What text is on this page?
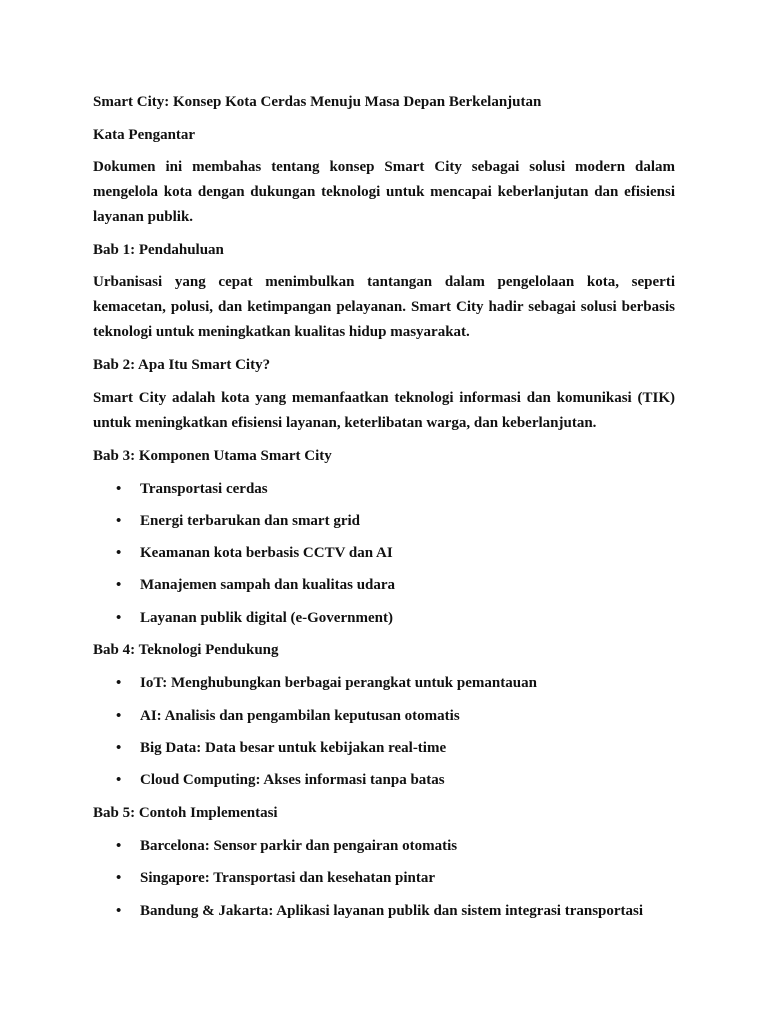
Smart City: Konsep Kota Cerdas Menuju Masa Depan Berkelanjutan
Kata Pengantar
Dokumen ini membahas tentang konsep Smart City sebagai solusi modern dalam mengelola kota dengan dukungan teknologi untuk mencapai keberlanjutan dan efisiensi layanan publik.
Bab 1: Pendahuluan
Urbanisasi yang cepat menimbulkan tantangan dalam pengelolaan kota, seperti kemacetan, polusi, dan ketimpangan pelayanan. Smart City hadir sebagai solusi berbasis teknologi untuk meningkatkan kualitas hidup masyarakat.
Bab 2: Apa Itu Smart City?
Smart City adalah kota yang memanfaatkan teknologi informasi dan komunikasi (TIK) untuk meningkatkan efisiensi layanan, keterlibatan warga, dan keberlanjutan.
Bab 3: Komponen Utama Smart City
• Transportasi cerdas
• Energi terbarukan dan smart grid
• Keamanan kota berbasis CCTV dan AI
• Manajemen sampah dan kualitas udara
• Layanan publik digital (e-Government)
Bab 4: Teknologi Pendukung
• IoT: Menghubungkan berbagai perangkat untuk pemantauan
• AI: Analisis dan pengambilan keputusan otomatis
• Big Data: Data besar untuk kebijakan real-time
• Cloud Computing: Akses informasi tanpa batas
Bab 5: Contoh Implementasi
• Barcelona: Sensor parkir dan pengairan otomatis
• Singapore: Transportasi dan kesehatan pintar
• Bandung & Jakarta: Aplikasi layanan publik dan sistem integrasi transportasi
